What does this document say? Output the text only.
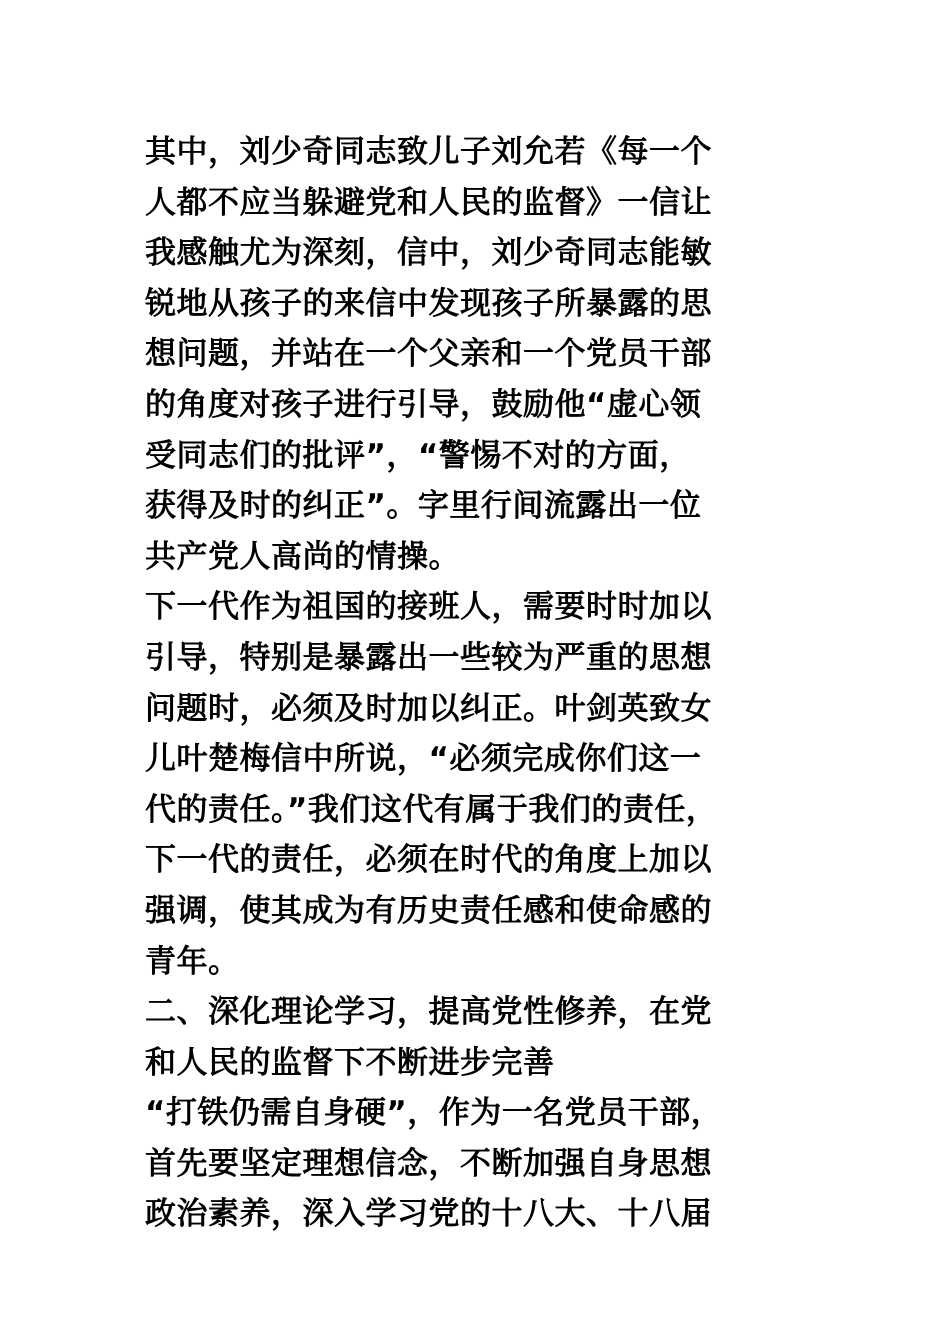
其中，刘少奇同志致儿子刘允若《每一个
人都不应当躲避党和人民的监督》一信让
我感触尤为深刻，信中，刘少奇同志能敏
锐地从孩子的来信中发现孩子所暴露的思
想问题，并站在一个父亲和一个党员干部
的角度对孩子进行引导，鼓励他“虚心领
受同志们的批评”，“警惕不对的方面，
获得及时的纠正”。字里行间流露出一位
共产党人高尚的情操。
下一代作为祖国的接班人，需要时时加以
引导，特别是暴露出一些较为严重的思想
问题时，必须及时加以纠正。叶剑英致女
儿叶楚梅信中所说，“必须完成你们这一
代的责任。”我们这代有属于我们的责任，
下一代的责任，必须在时代的角度上加以
强调，使其成为有历史责任感和使命感的
青年。
二、深化理论学习，提高党性修养，在党
和人民的监督下不断进步完善
“打铁仍需自身硬”，作为一名党员干部，
首先要坚定理想信念，不断加强自身思想
政治素养，深入学习党的十八大、十八届
